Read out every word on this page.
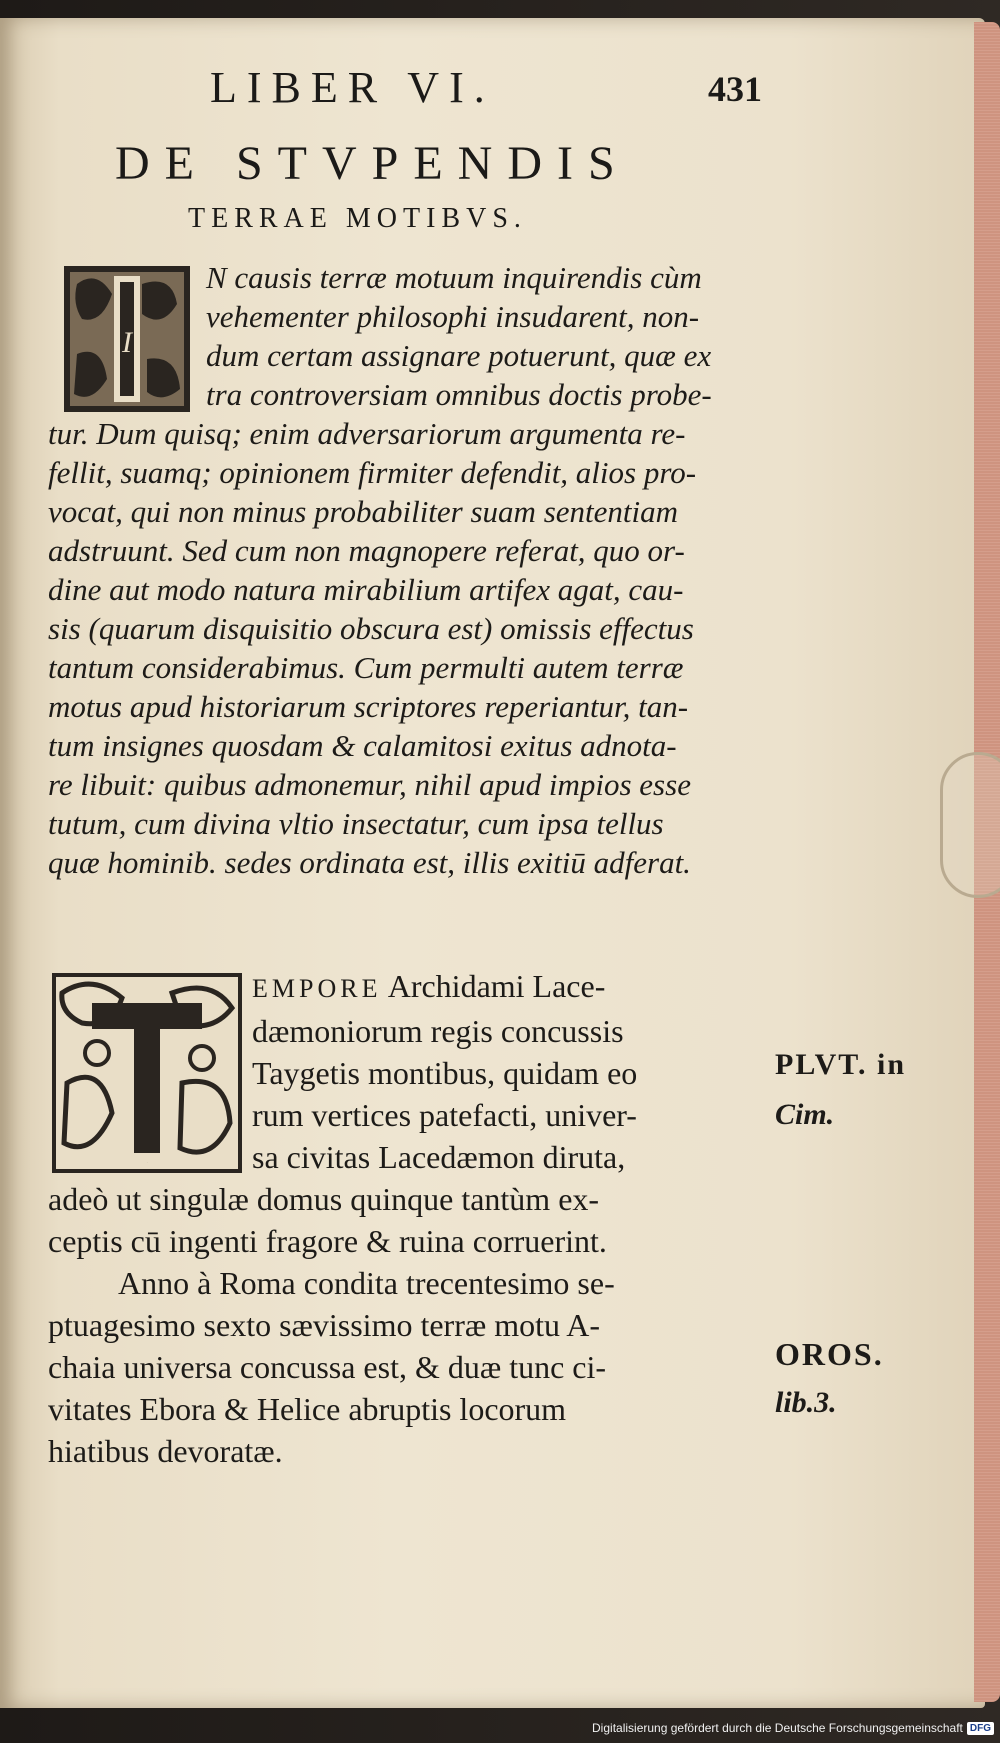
LIBER VI.	431
DE STVPENDIS
TERRAE MOTIBVS.
I
N causis terræ motuum inquirendis cùm
vehementer philosophi insudarent, non-
dum certam assignare potuerunt, quæ ex
tra controversiam omnibus doctis probe-
tur. Dum quisq; enim adversariorum argumenta re-
fellit, suamq; opinionem firmiter defendit, alios pro-
vocat, qui non minus probabiliter suam sententiam
adstruunt. Sed cum non magnopere referat, quo or-
dine aut modo natura mirabilium artifex agat, cau-
sis (quarum disquisitio obscura est) omissis effectus
tantum considerabimus. Cum permulti autem terræ
motus apud historiarum scriptores reperiantur, tan-
tum insignes quosdam & calamitosi exitus adnota-
re libuit: quibus admonemur, nihil apud impios esse
tutum, cum divina vltio insectatur, cum ipsa tellus
quæ hominib. sedes ordinata est, illis exitiū adferat.
T
EMPORE Archidami Lace-
dæmoniorum regis concussis
Taygetis montibus, quidam eo
rum vertices patefacti, univer-
sa civitas Lacedæmon diruta,
adeò ut singulæ domus quinque tantùm ex-
ceptis cū ingenti fragore & ruina corruerint.
Anno à Roma condita trecentesimo se-
ptuagesimo sexto sævissimo terræ motu A-
chaia universa concussa est, & duæ tunc ci-
vitates Ebora & Helice abruptis locorum
hiatibus devoratæ.
PLVT. in
Cim.
OROS.
lib.3.
Digitalisierung gefördert durch die Deutsche Forschungsgemeinschaft DFG
